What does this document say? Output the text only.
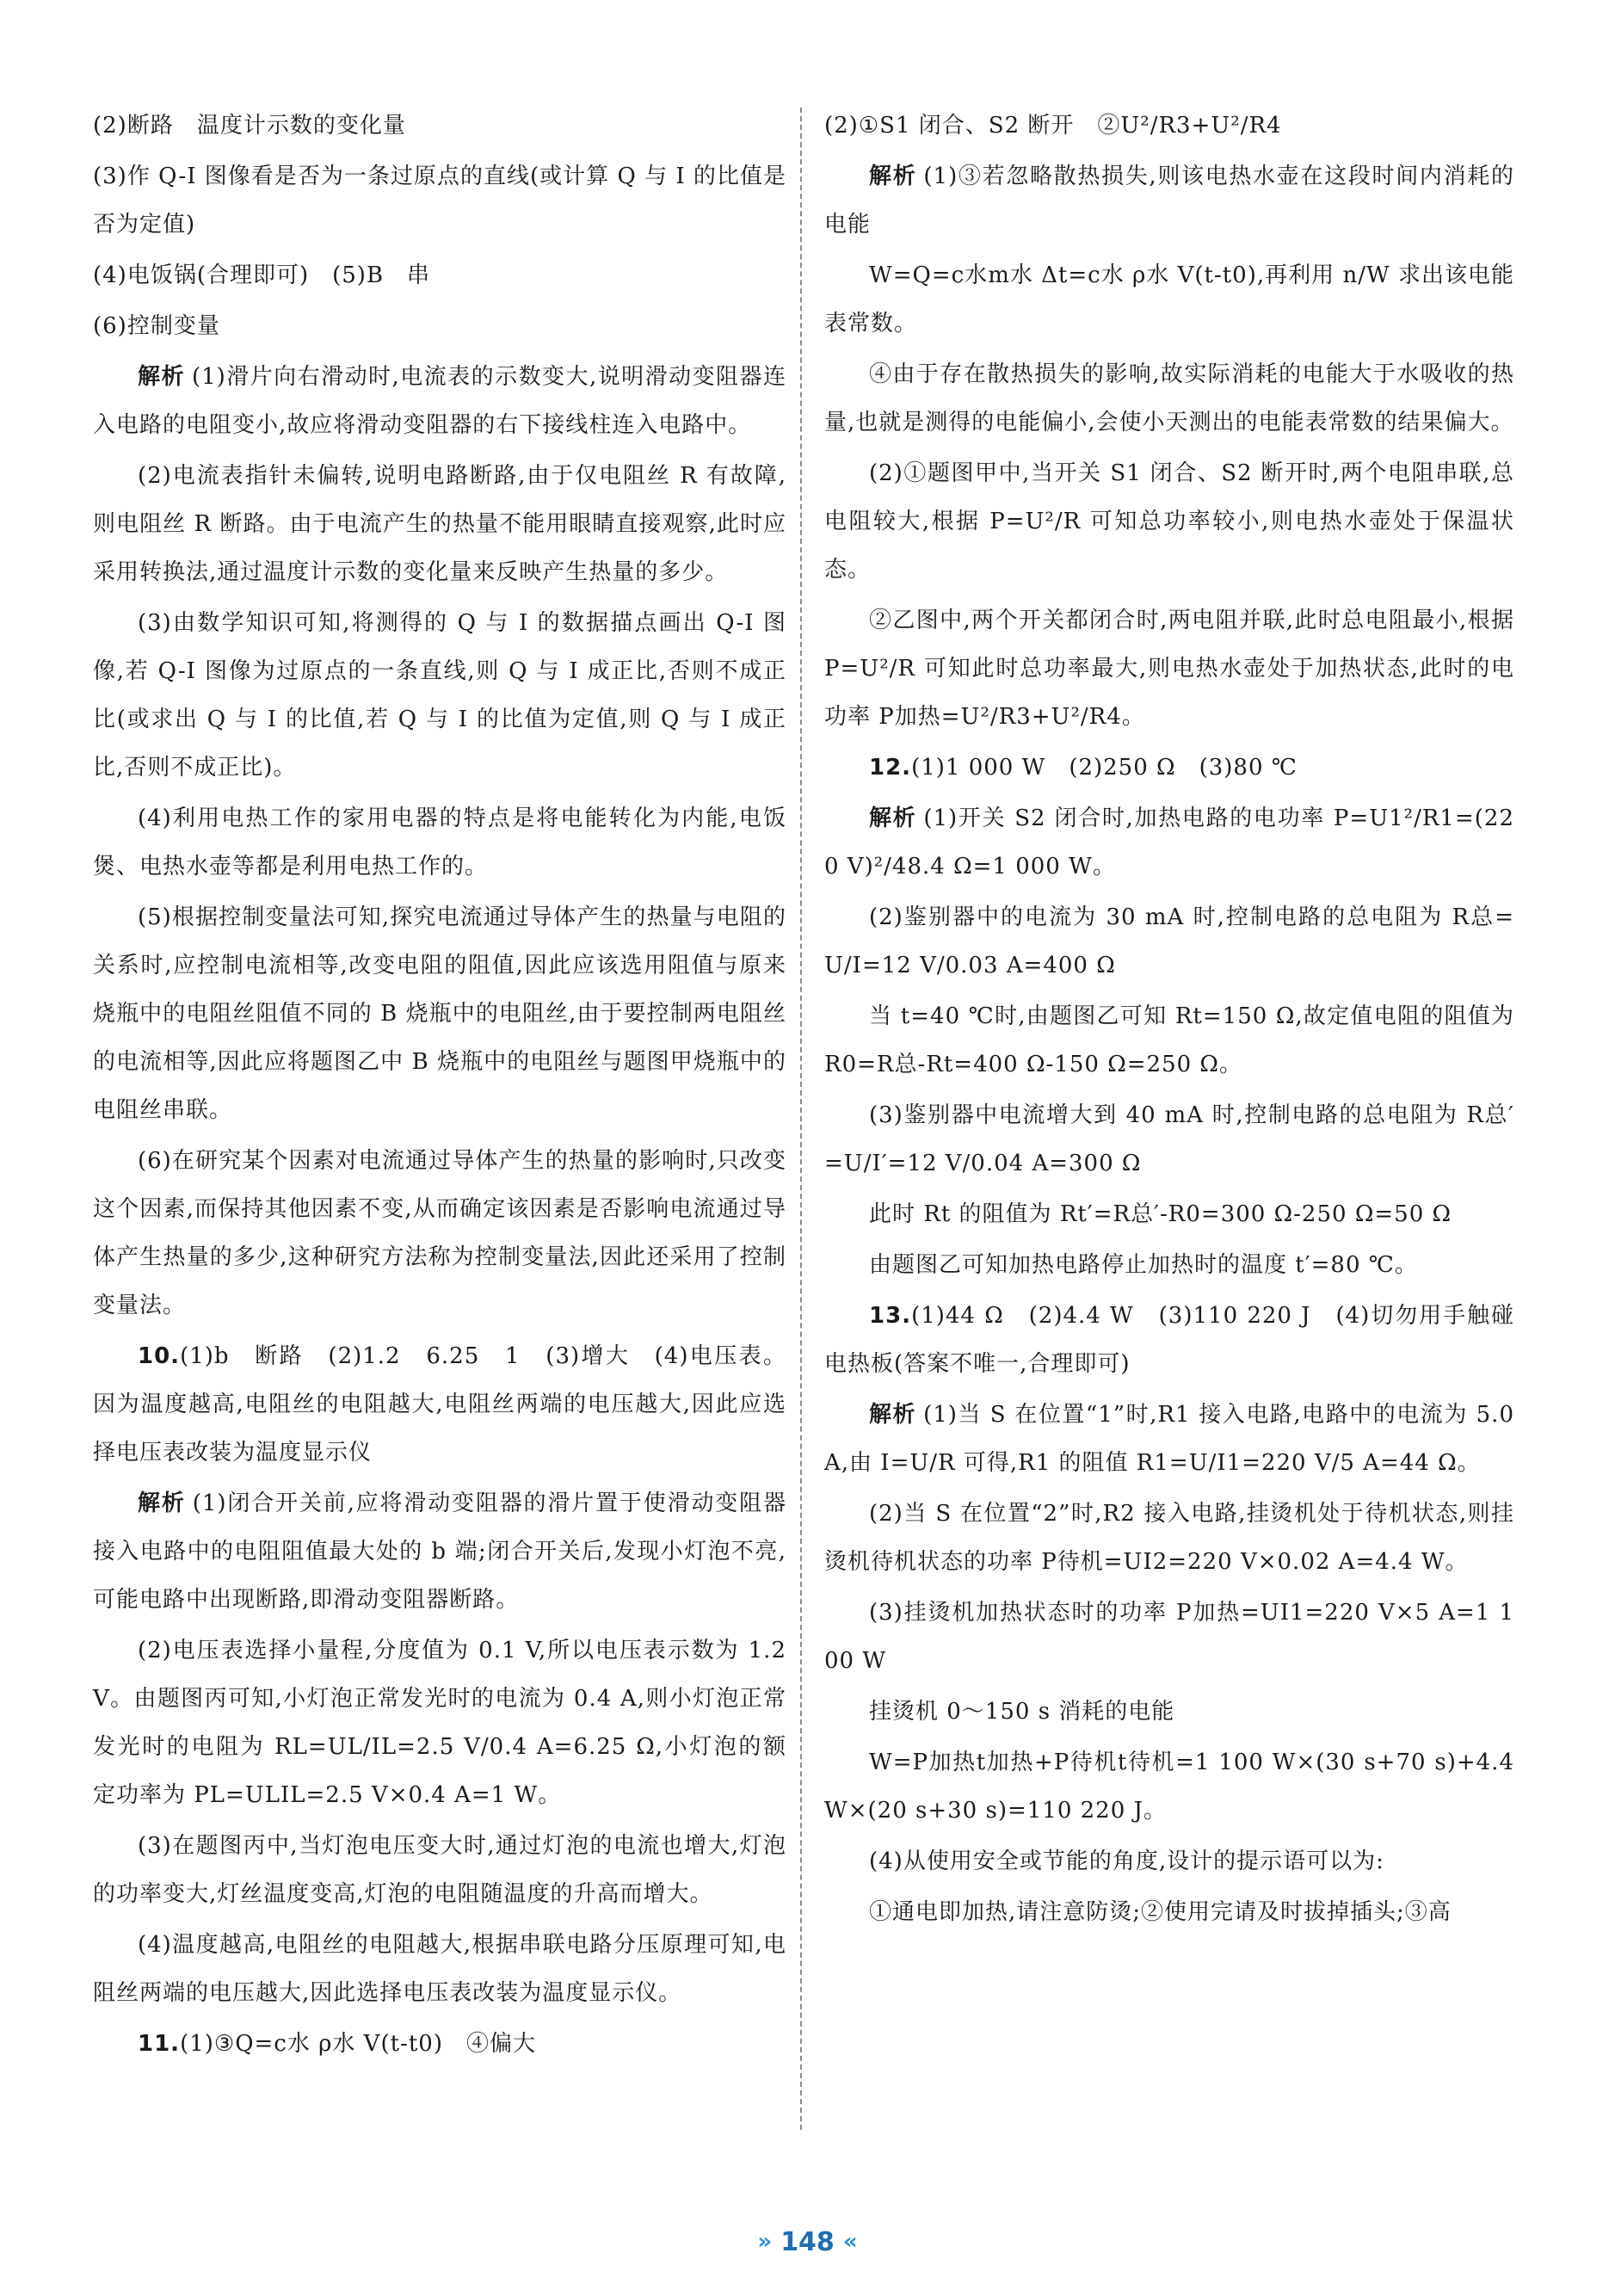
(2)断路　温度计示数的变化量

(3)作 Q-I 图像看是否为一条过原点的直线(或计算 Q 与 I 的比值是否为定值)

(4)电饭锅(合理即可)　(5)B　串

(6)控制变量

解析 (1)滑片向右滑动时,电流表的示数变大,说明滑动变阻器连入电路的电阻变小,故应将滑动变阻器的右下接线柱连入电路中。

(2)电流表指针未偏转,说明电路断路,由于仅电阻丝 R 有故障,则电阻丝 R 断路。由于电流产生的热量不能用眼睛直接观察,此时应采用转换法,通过温度计示数的变化量来反映产生热量的多少。

(3)由数学知识可知,将测得的 Q 与 I 的数据描点画出 Q-I 图像,若 Q-I 图像为过原点的一条直线,则 Q 与 I 成正比,否则不成正比(或求出 Q 与 I 的比值,若 Q 与 I 的比值为定值,则 Q 与 I 成正比,否则不成正比)。

(4)利用电热工作的家用电器的特点是将电能转化为内能,电饭煲、电热水壶等都是利用电热工作的。

(5)根据控制变量法可知,探究电流通过导体产生的热量与电阻的关系时,应控制电流相等,改变电阻的阻值,因此应该选用阻值与原来烧瓶中的电阻丝阻值不同的 B 烧瓶中的电阻丝,由于要控制两电阻丝的电流相等,因此应将题图乙中 B 烧瓶中的电阻丝与题图甲烧瓶中的电阻丝串联。

(6)在研究某个因素对电流通过导体产生的热量的影响时,只改变这个因素,而保持其他因素不变,从而确定该因素是否影响电流通过导体产生热量的多少,这种研究方法称为控制变量法,因此还采用了控制变量法。

10.(1)b　断路　(2)1.2　6.25　1　(3)增大　(4)电压表。因为温度越高,电阻丝的电阻越大,电阻丝两端的电压越大,因此应选择电压表改装为温度显示仪

解析 (1)闭合开关前,应将滑动变阻器的滑片置于使滑动变阻器接入电路中的电阻阻值最大处的 b 端;闭合开关后,发现小灯泡不亮,可能电路中出现断路,即滑动变阻器断路。

(2)电压表选择小量程,分度值为 0.1 V,所以电压表示数为 1.2 V。由题图丙可知,小灯泡正常发光时的电流为 0.4 A,则小灯泡正常发光时的电阻为 RL=UL/IL=2.5 V/0.4 A=6.25 Ω,小灯泡的额定功率为 PL=ULIL=2.5 V×0.4 A=1 W。

(3)在题图丙中,当灯泡电压变大时,通过灯泡的电流也增大,灯泡的功率变大,灯丝温度变高,灯泡的电阻随温度的升高而增大。

(4)温度越高,电阻丝的电阻越大,根据串联电路分压原理可知,电阻丝两端的电压越大,因此选择电压表改装为温度显示仪。

11.(1)③Q=c水 ρ水 V(t-t0)　④偏大

(2)①S1 闭合、S2 断开　②U²/R3+U²/R4

解析 (1)③若忽略散热损失,则该电热水壶在这段时间内消耗的电能

W=Q=c水m水 Δt=c水 ρ水 V(t-t0),再利用 n/W 求出该电能表常数。

④由于存在散热损失的影响,故实际消耗的电能大于水吸收的热量,也就是测得的电能偏小,会使小天测出的电能表常数的结果偏大。

(2)①题图甲中,当开关 S1 闭合、S2 断开时,两个电阻串联,总电阻较大,根据 P=U²/R 可知总功率较小,则电热水壶处于保温状态。

②乙图中,两个开关都闭合时,两电阻并联,此时总电阻最小,根据 P=U²/R 可知此时总功率最大,则电热水壶处于加热状态,此时的电功率 P加热=U²/R3+U²/R4。

12.(1)1 000 W　(2)250 Ω　(3)80 ℃

解析 (1)开关 S2 闭合时,加热电路的电功率 P=U1²/R1=(220 V)²/48.4 Ω=1 000 W。

(2)鉴别器中的电流为 30 mA 时,控制电路的总电阻为 R总=U/I=12 V/0.03 A=400 Ω

当 t=40 ℃时,由题图乙可知 Rt=150 Ω,故定值电阻的阻值为 R0=R总-Rt=400 Ω-150 Ω=250 Ω。

(3)鉴别器中电流增大到 40 mA 时,控制电路的总电阻为 R总′=U/I′=12 V/0.04 A=300 Ω

此时 Rt 的阻值为 Rt′=R总′-R0=300 Ω-250 Ω=50 Ω

由题图乙可知加热电路停止加热时的温度 t′=80 ℃。

13.(1)44 Ω　(2)4.4 W　(3)110 220 J　(4)切勿用手触碰电热板(答案不唯一,合理即可)

解析 (1)当 S 在位置“1”时,R1 接入电路,电路中的电流为 5.0 A,由 I=U/R 可得,R1 的阻值 R1=U/I1=220 V/5 A=44 Ω。

(2)当 S 在位置“2”时,R2 接入电路,挂烫机处于待机状态,则挂烫机待机状态的功率 P待机=UI2=220 V×0.02 A=4.4 W。

(3)挂烫机加热状态时的功率 P加热=UI1=220 V×5 A=1 100 W

挂烫机 0～150 s 消耗的电能

W=P加热t加热+P待机t待机=1 100 W×(30 s+70 s)+4.4 W×(20 s+30 s)=110 220 J。

(4)从使用安全或节能的角度,设计的提示语可以为:

①通电即加热,请注意防烫;②使用完请及时拔掉插头;③高

» 148 «
